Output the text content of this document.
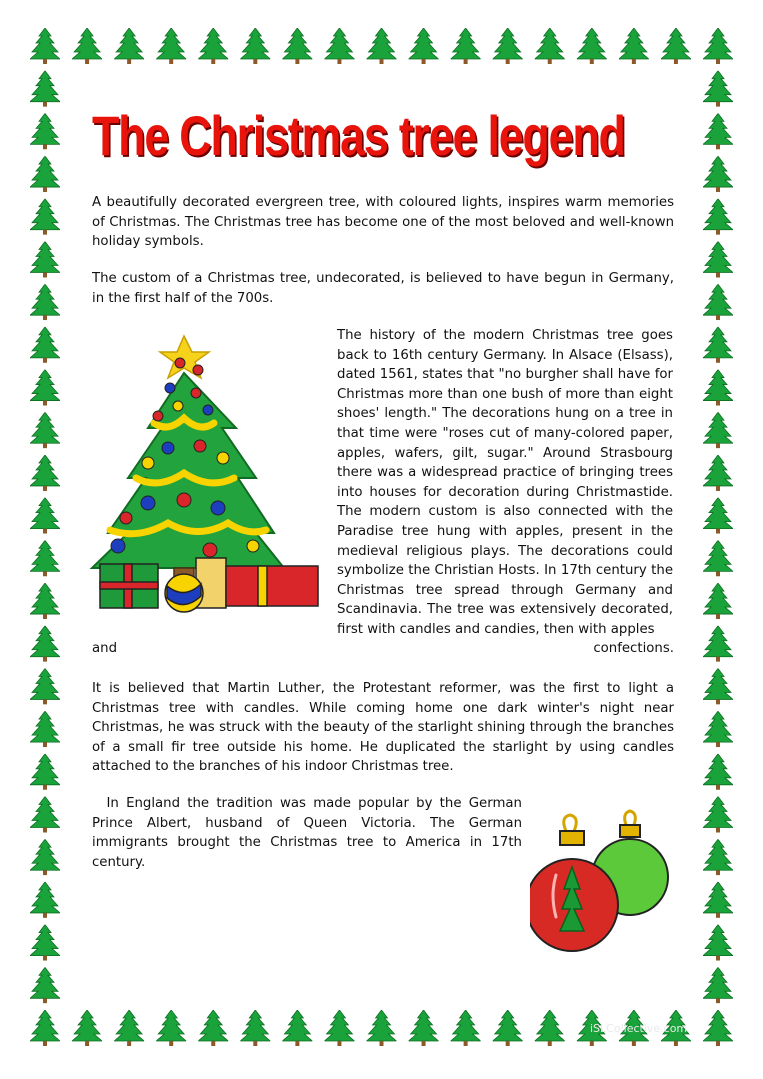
The Christmas tree legend

A beautifully decorated evergreen tree, with coloured lights, inspires warm memories of Christmas. The Christmas tree has become one of the most beloved and well-known holiday symbols.

The custom of a Christmas tree, undecorated, is believed to have begun in Germany, in the first half of the 700s.

The history of the modern Christmas tree goes back to 16th century Germany. In Alsace (Elsass), dated 1561, states that "no burgher shall have for Christmas more than one bush of more than eight shoes' length." The decorations hung on a tree in that time were "roses cut of many-colored paper, apples, wafers, gilt, sugar." Around Strasbourg there was a widespread practice of bringing trees into houses for decoration during Christmastide. The modern custom is also connected with the Paradise tree hung with apples, present in the medieval religious plays. The decorations could symbolize the Christian Hosts. In 17th century the Christmas tree spread through Germany and Scandinavia. The tree was extensively decorated, first with candles and candies, then with apples

and confections.

It is believed that Martin Luther, the Protestant reformer, was the first to light a Christmas tree with candles. While coming home one dark winter's night near Christmas, he was struck with the beauty of the starlight shining through the branches of a small fir tree outside his home. He duplicated the starlight by using candles attached to the branches of his indoor Christmas tree.

In England the tradition was made popular by the German Prince Albert, husband of Queen Victoria. The German immigrants brought the Christmas tree to America in 17th century.

iSLCollective.com
